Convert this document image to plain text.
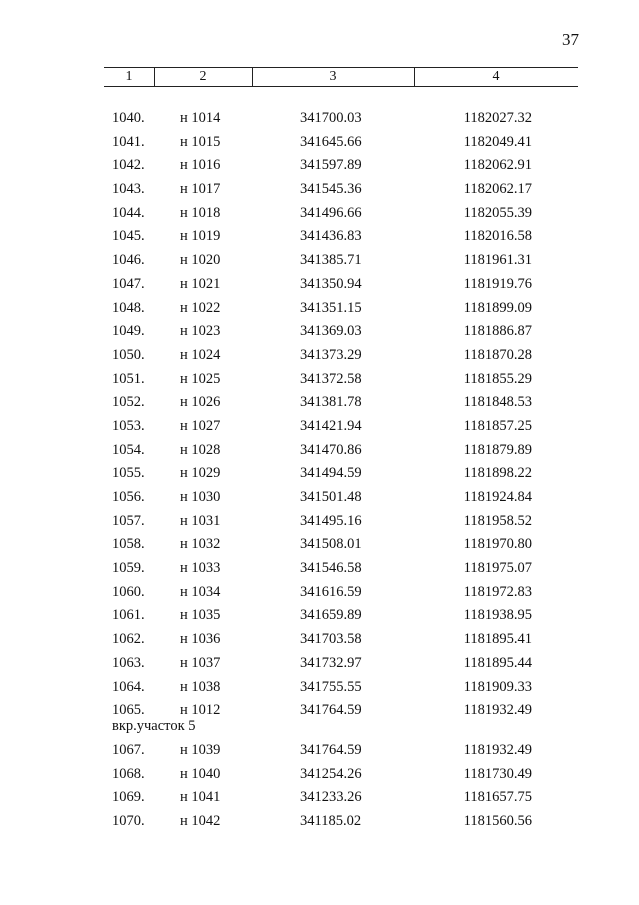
37
1	2	3	4
1040. н 1014	341700.03	1182027.32
1041. н 1015	341645.66	1182049.41
1042. н 1016	341597.89	1182062.91
1043. н 1017	341545.36	1182062.17
1044. н 1018	341496.66	1182055.39
1045. н 1019	341436.83	1182016.58
1046. н 1020	341385.71	1181961.31
1047. н 1021	341350.94	1181919.76
1048. н 1022	341351.15	1181899.09
1049. н 1023	341369.03	1181886.87
1050. н 1024	341373.29	1181870.28
1051. н 1025	341372.58	1181855.29
1052. н 1026	341381.78	1181848.53
1053. н 1027	341421.94	1181857.25
1054. н 1028	341470.86	1181879.89
1055. н 1029	341494.59	1181898.22
1056. н 1030	341501.48	1181924.84
1057. н 1031	341495.16	1181958.52
1058. н 1032	341508.01	1181970.80
1059. н 1033	341546.58	1181975.07
1060. н 1034	341616.59	1181972.83
1061. н 1035	341659.89	1181938.95
1062. н 1036	341703.58	1181895.41
1063. н 1037	341732.97	1181895.44
1064. н 1038	341755.55	1181909.33
1065. н 1012	341764.59	1181932.49
вкр.участок 5
1067. н 1039	341764.59	1181932.49
1068. н 1040	341254.26	1181730.49
1069. н 1041	341233.26	1181657.75
1070. н 1042	341185.02	1181560.56
